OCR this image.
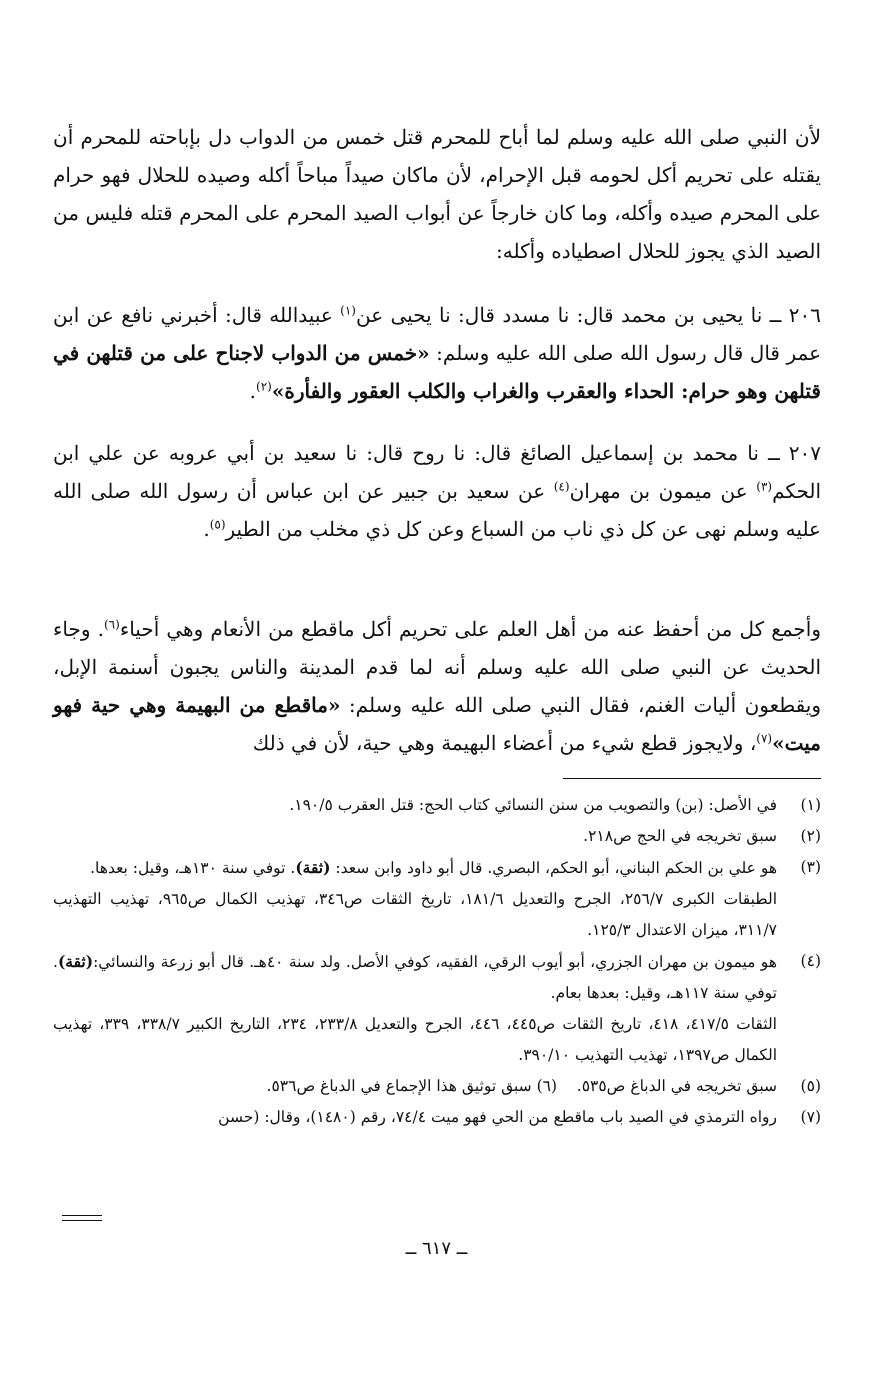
لأن النبي صلى الله عليه وسلم لما أباح للمحرم قتل خمس من الدواب دل بإباحته للمحرم أن يقتله على تحريم أكل لحومه قبل الإحرام، لأن ماكان صيداً مباحاً أكله وصيده للحلال فهو حرام على المحرم صيده وأكله، وما كان خارجاً عن أبواب الصيد المحرم على المحرم قتله فليس من الصيد الذي يجوز للحلال اصطياده وأكله:

٢٠٦ ــ نا يحيى بن محمد قال: نا مسدد قال: نا يحيى عن$^{(١)}$ عبيدالله قال: أخبرني نافع عن ابن عمر قال قال رسول الله صلى الله عليه وسلم: «خمس من الدواب لاجناح على من قتلهن في قتلهن وهو حرام: الحداء والعقرب والغراب والكلب العقور والفأرة»$^{(٢)}$.

٢٠٧ ــ نا محمد بن إسماعيل الصائغ قال: نا روح قال: نا سعيد بن أبي عروبه عن علي ابن الحكم$^{(٣)}$ عن ميمون بن مهران$^{(٤)}$ عن سعيد بن جبير عن ابن عباس أن رسول الله صلى الله عليه وسلم نهى عن كل ذي ناب من السباع وعن كل ذي مخلب من الطير$^{(٥)}$.

وأجمع كل من أحفظ عنه من أهل العلم على تحريم أكل ماقطع من الأنعام وهي أحياء$^{(٦)}$. وجاء الحديث عن النبي صلى الله عليه وسلم أنه لما قدم المدينة والناس يجبون أسنمة الإبل، ويقطعون أليات الغنم، فقال النبي صلى الله عليه وسلم: «ماقطع من البهيمة وهي حية فهو ميت»$^{(٧)}$، ولايجوز قطع شيء من أعضاء البهيمة وهي حية، لأن في ذلك

(١)
في الأصل: (بن) والتصويب من سنن النسائي كتاب الحج: قتل العقرب ١٩٠/٥.
(٢)
سبق تخريجه في الحج ص٢١٨.
(٣)
هو علي بن الحكم البناني، أبو الحكم، البصري. قال أبو داود وابن سعد: (ثقة). توفي سنة ١٣٠هـ، وقيل: بعدها.
الطبقات الكبرى ٢٥٦/٧، الجرح والتعديل ١٨١/٦، تاريخ الثقات ص٣٤٦، تهذيب الكمال ص٩٦٥، تهذيب التهذيب ٣١١/٧، ميزان الاعتدال ١٢٥/٣.
(٤)
هو ميمون بن مهران الجزري، أبو أيوب الرقي، الفقيه، كوفي الأصل. ولد سنة ٤٠هـ. قال أبو زرعة والنسائي:(ثقة). توفي سنة ١١٧هـ، وقيل: بعدها بعام.
الثقات ٤١٧/٥، ٤١٨، تاريخ الثقات ص٤٤٥، ٤٤٦، الجرح والتعديل ٢٣٣/٨، ٢٣٤، التاريخ الكبير ٣٣٨/٧، ٣٣٩، تهذيب الكمال ص١٣٩٧، تهذيب التهذيب ٣٩٠/١٠.
(٥)
سبق تخريجه في الدباغ ص٥٣٥.    (٦) سبق توثيق هذا الإجماع في الدباغ ص٥٣٦.
(٧)
رواه الترمذي في الصيد باب ماقطع من الحي فهو ميت ٧٤/٤، رقم (١٤٨٠)، وقال: (حسن
ــ ٦١٧ ــ
